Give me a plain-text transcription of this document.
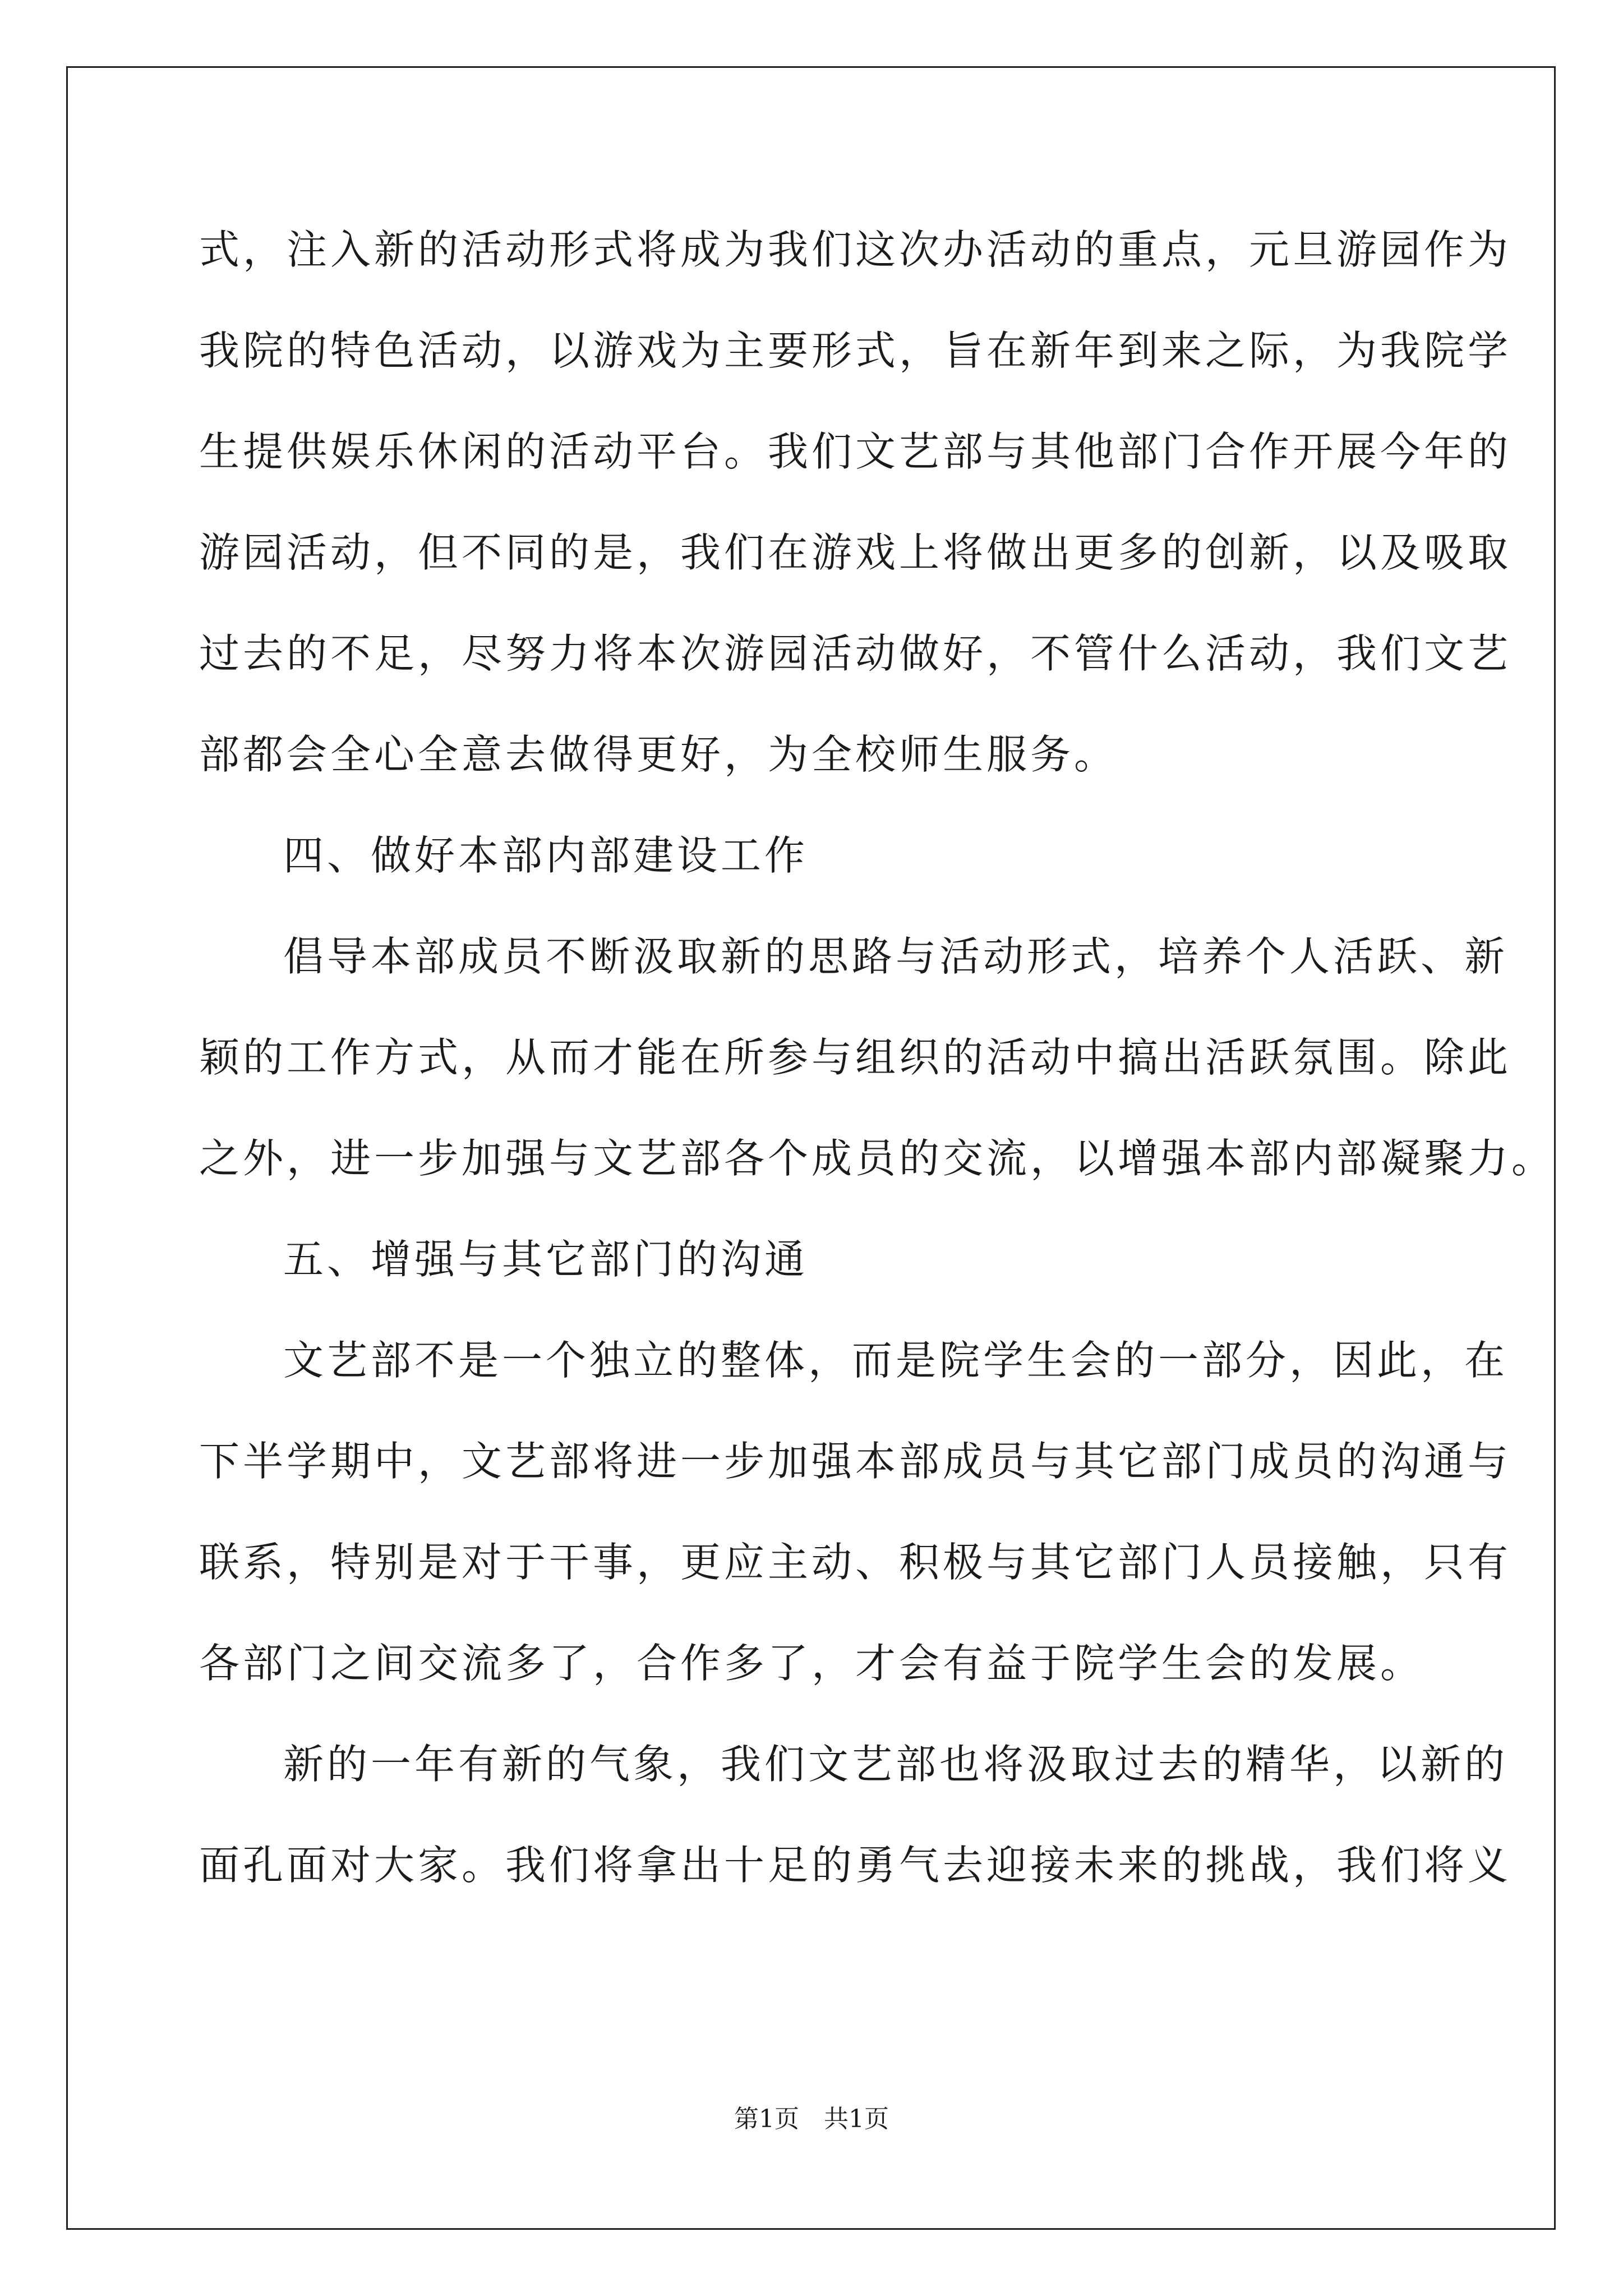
式，注入新的活动形式将成为我们这次办活动的重点，元旦游园作为
我院的特色活动，以游戏为主要形式，旨在新年到来之际，为我院学
生提供娱乐休闲的活动平台。我们文艺部与其他部门合作开展今年的
游园活动，但不同的是，我们在游戏上将做出更多的创新，以及吸取
过去的不足，尽努力将本次游园活动做好，不管什么活动，我们文艺
部都会全心全意去做得更好，为全校师生服务。
四、做好本部内部建设工作
倡导本部成员不断汲取新的思路与活动形式，培养个人活跃、新
颖的工作方式，从而才能在所参与组织的活动中搞出活跃氛围。除此
之外，进一步加强与文艺部各个成员的交流，以增强本部内部凝聚力。
五、增强与其它部门的沟通
文艺部不是一个独立的整体，而是院学生会的一部分，因此，在
下半学期中，文艺部将进一步加强本部成员与其它部门成员的沟通与
联系，特别是对于干事，更应主动、积极与其它部门人员接触，只有
各部门之间交流多了，合作多了，才会有益于院学生会的发展。
新的一年有新的气象，我们文艺部也将汲取过去的精华，以新的
面孔面对大家。我们将拿出十足的勇气去迎接未来的挑战，我们将义
第1页　共1页
